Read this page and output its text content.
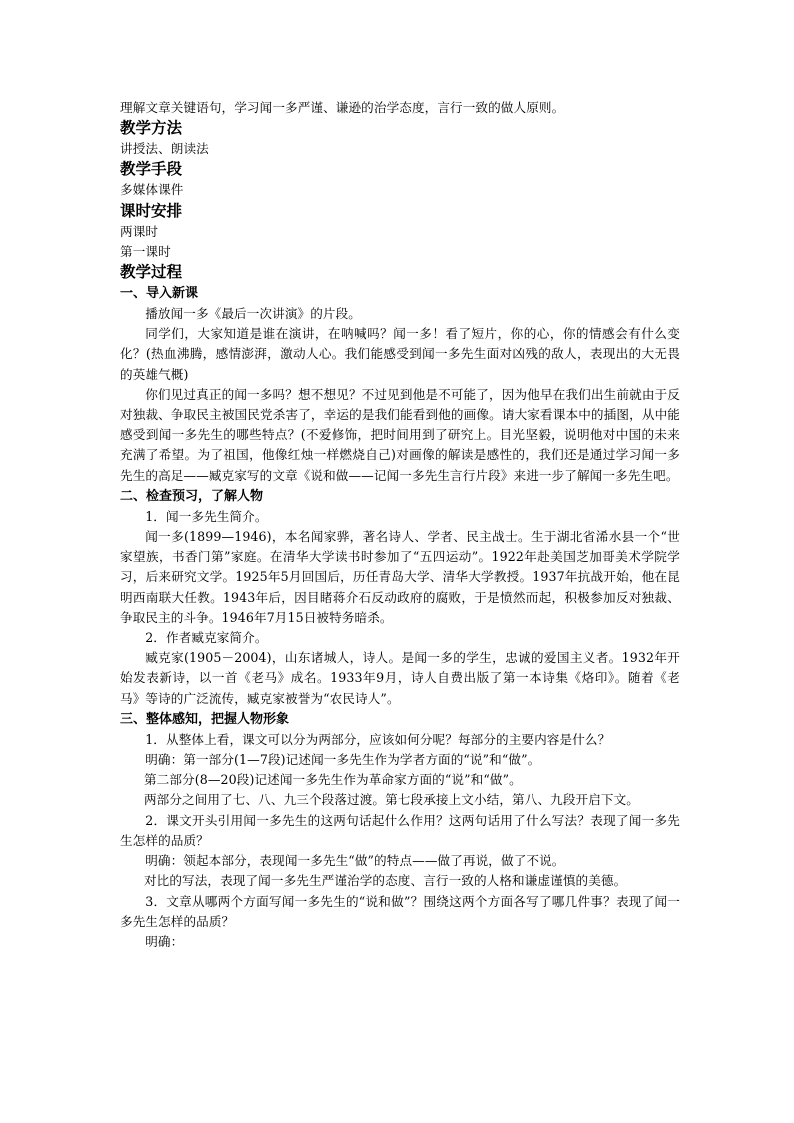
理解文章关键语句，学习闻一多严谨、谦逊的治学态度，言行一致的做人原则。

教学方法

讲授法、朗读法

教学手段

多媒体课件

课时安排

两课时

第一课时

教学过程

一、导入新课

播放闻一多《最后一次讲演》的片段。

同学们，大家知道是谁在演讲，在呐喊吗？闻一多！看了短片，你的心，你的情感会有什么变化？(热血沸腾，感情澎湃，激动人心。我们能感受到闻一多先生面对凶残的敌人，表现出的大无畏的英雄气概)

你们见过真正的闻一多吗？想不想见？不过见到他是不可能了，因为他早在我们出生前就由于反对独裁、争取民主被国民党杀害了，幸运的是我们能看到他的画像。请大家看课本中的插图，从中能感受到闻一多先生的哪些特点？(不爱修饰，把时间用到了研究上。目光坚毅，说明他对中国的未来充满了希望。为了祖国，他像红烛一样燃烧自己)对画像的解读是感性的，我们还是通过学习闻一多先生的高足——臧克家写的文章《说和做——记闻一多先生言行片段》来进一步了解闻一多先生吧。

二、检查预习，了解人物

1．闻一多先生简介。

闻一多(1899—1946)，本名闻家骅，著名诗人、学者、民主战士。生于湖北省浠水县一个“世家望族，书香门第”家庭。在清华大学读书时参加了“五四运动”。1922年赴美国芝加哥美术学院学习，后来研究文学。1925年5月回国后，历任青岛大学、清华大学教授。1937年抗战开始，他在昆明西南联大任教。1943年后，因目睹蒋介石反动政府的腐败，于是愤然而起，积极参加反对独裁、争取民主的斗争。1946年7月15日被特务暗杀。

2．作者臧克家简介。

臧克家(1905－2004)，山东诸城人，诗人。是闻一多的学生，忠诚的爱国主义者。1932年开始发表新诗，以一首《老马》成名。1933年9月，诗人自费出版了第一本诗集《烙印》。随着《老马》等诗的广泛流传，臧克家被誉为“农民诗人”。

三、整体感知，把握人物形象

1．从整体上看，课文可以分为两部分，应该如何分呢？每部分的主要内容是什么？

明确：第一部分(1—7段)记述闻一多先生作为学者方面的“说”和“做”。

第二部分(8—20段)记述闻一多先生作为革命家方面的“说”和“做”。

两部分之间用了七、八、九三个段落过渡。第七段承接上文小结，第八、九段开启下文。

2．课文开头引用闻一多先生的这两句话起什么作用？这两句话用了什么写法？表现了闻一多先生怎样的品质？

明确：领起本部分，表现闻一多先生“做”的特点——做了再说，做了不说。

对比的写法，表现了闻一多先生严谨治学的态度、言行一致的人格和谦虚谨慎的美德。

3．文章从哪两个方面写闻一多先生的“说和做”？围绕这两个方面各写了哪几件事？表现了闻一多先生怎样的品质？

明确：
